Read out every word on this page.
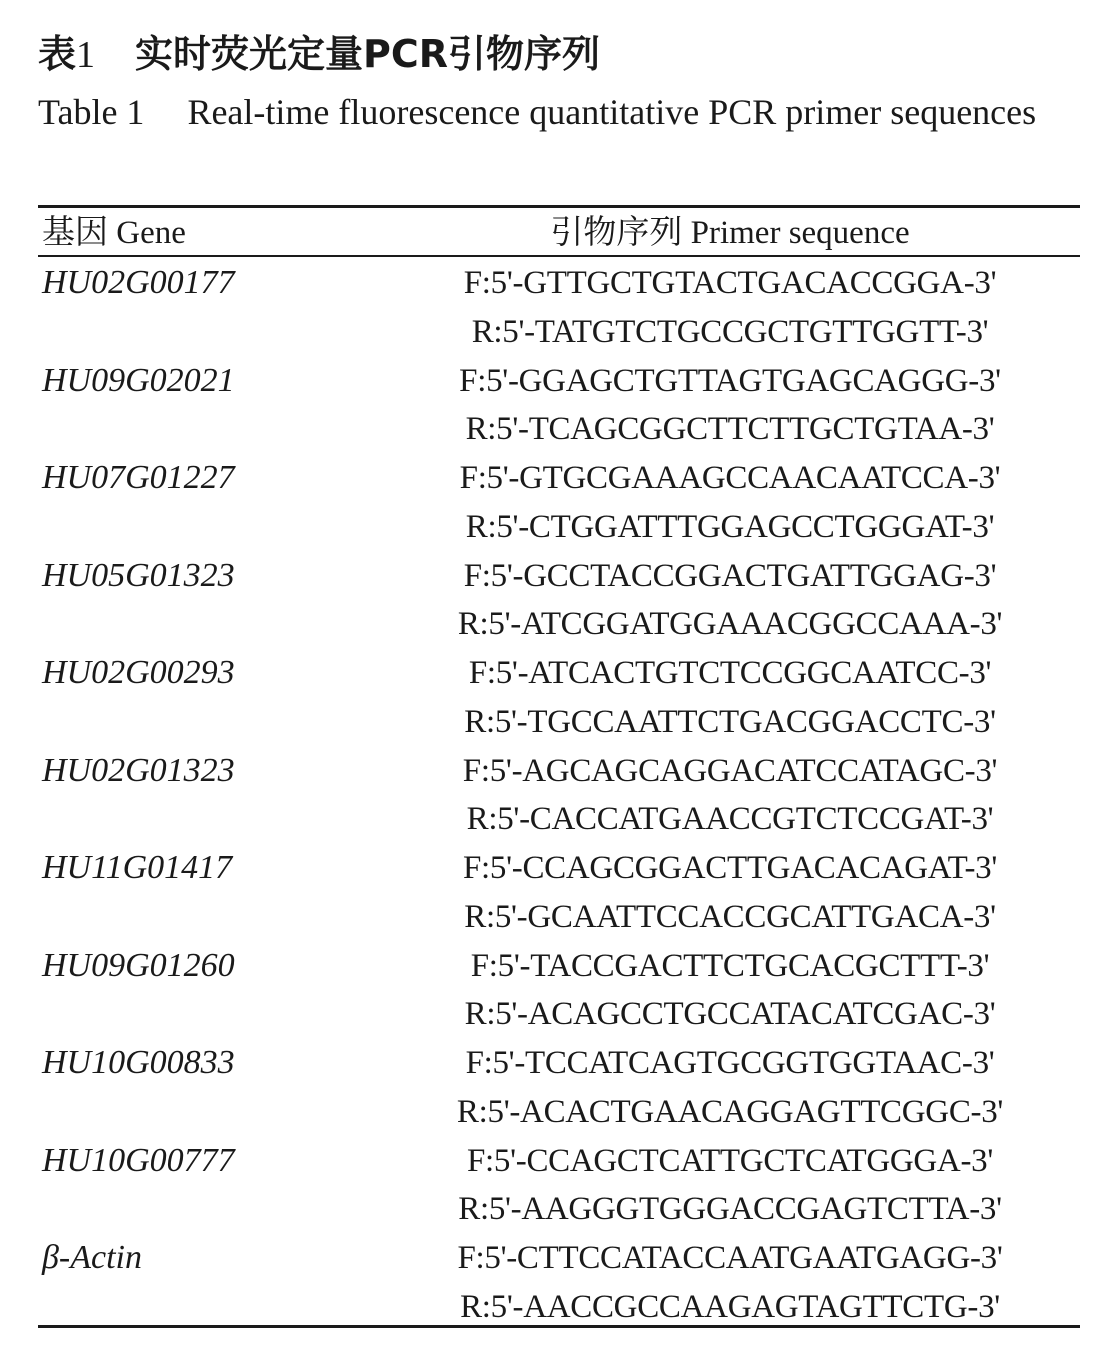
表1 实时荧光定量PCR引物序列
Table 1 Real-time fluorescence quantitative PCR primer sequences
基因 Gene	引物序列 Primer sequence
HU02G00177	F:5'-GTTGCTGTACTGACACCGGA-3'
R:5'-TATGTCTGCCGCTGTTGGTT-3'
HU09G02021	F:5'-GGAGCTGTTAGTGAGCAGGG-3'
R:5'-TCAGCGGCTTCTTGCTGTAA-3'
HU07G01227	F:5'-GTGCGAAAGCCAACAATCCA-3'
R:5'-CTGGATTTGGAGCCTGGGAT-3'
HU05G01323	F:5'-GCCTACCGGACTGATTGGAG-3'
R:5'-ATCGGATGGAAACGGCCAAA-3'
HU02G00293	F:5'-ATCACTGTCTCCGGCAATCC-3'
R:5'-TGCCAATTCTGACGGACCTC-3'
HU02G01323	F:5'-AGCAGCAGGACATCCATAGC-3'
R:5'-CACCATGAACCGTCTCCGAT-3'
HU11G01417	F:5'-CCAGCGGACTTGACACAGAT-3'
R:5'-GCAATTCCACCGCATTGACA-3'
HU09G01260	F:5'-TACCGACTTCTGCACGCTTT-3'
R:5'-ACAGCCTGCCATACATCGAC-3'
HU10G00833	F:5'-TCCATCAGTGCGGTGGTAAC-3'
R:5'-ACACTGAACAGGAGTTCGGC-3'
HU10G00777	F:5'-CCAGCTCATTGCTCATGGGA-3'
R:5'-AAGGGTGGGACCGAGTCTTA-3'
β-Actin	F:5'-CTTCCATACCAATGAATGAGG-3'
R:5'-AACCGCCAAGAGTAGTTCTG-3'
